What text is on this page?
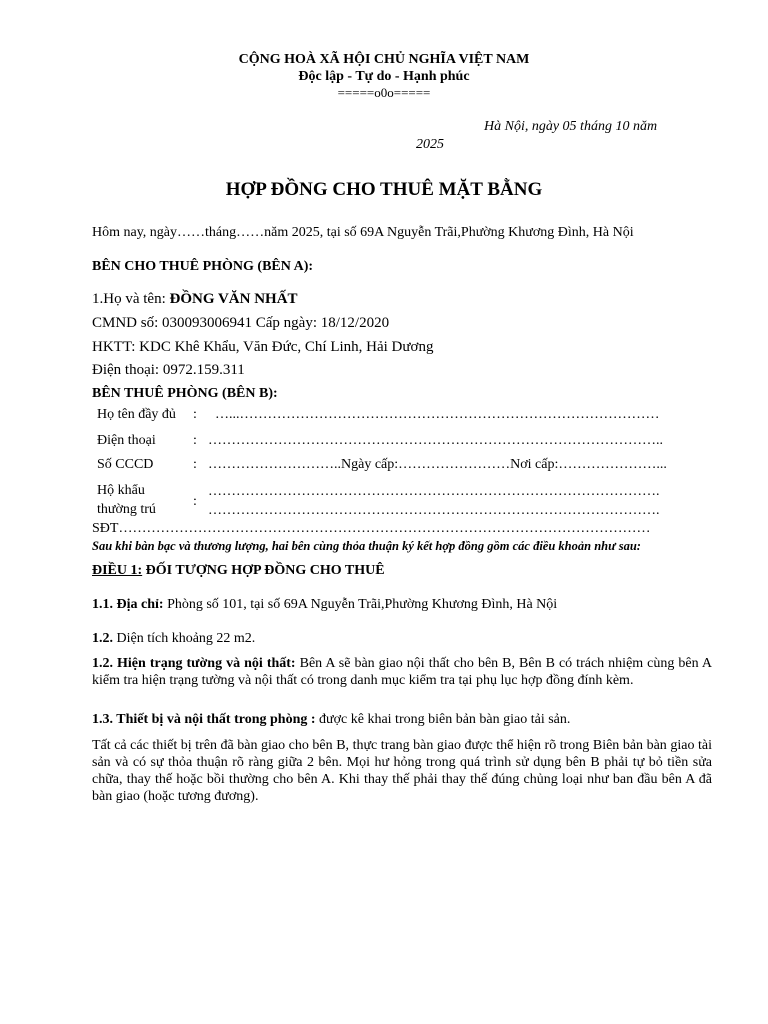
CỘNG HOÀ XÃ HỘI CHỦ NGHĨA VIỆT NAM
Độc lập - Tự do - Hạnh phúc
=====o0o=====
Hà Nội, ngày 05 tháng 10 năm
2025
HỢP ĐỒNG CHO THUÊ MẶT BẰNG
Hôm nay, ngày……tháng……năm 2025, tại số 69A Nguyễn Trãi,Phường Khương Đình, Hà Nội
BÊN CHO THUÊ PHÒNG (BÊN A):
1.Họ và tên: ĐỒNG VĂN NHẤT
CMND số: 030093006941 Cấp ngày: 18/12/2020
HKTT: KDC Khê Khẩu, Văn Đức, Chí Linh, Hải Dương
Điện thoại: 0972.159.311
BÊN THUÊ PHÒNG (BÊN B):
Họ tên đầy đủ : …...………………………………………………………………………………
Điện thoại	: ……………………………………………………………………………………..
Số CCCD	: ………………………..Ngày cấp:……………………Nơi cấp:…………………...
Hộ khẩu
thường trú
:
…………………………………………………………………………………….
…………………………………………………………………………………….
SĐT……………………………………………………………………………………………………
Sau khi bàn bạc và thương lượng, hai bên cùng thỏa thuận ký kết hợp đồng gồm các điều khoản như sau:
ĐIỀU 1: ĐỐI TƯỢNG HỢP ĐỒNG CHO THUÊ
1.1. Địa chỉ: Phòng số 101, tại số 69A Nguyễn Trãi,Phường Khương Đình, Hà Nội
1.2. Diện tích khoảng 22 m2.
1.2. Hiện trạng tường và nội thất: Bên A sẽ bàn giao nội thất cho bên B, Bên B có trách nhiệm cùng bên A kiểm tra hiện trạng tường và nội thất có trong danh mục kiểm tra tại phụ lục hợp đồng đính kèm.
1.3. Thiết bị và nội thất trong phòng : được kê khai trong biên bản bàn giao tải sản.
Tất cả các thiết bị trên đã bàn giao cho bên B, thực trang bàn giao được thể hiện rõ trong Biên bản bàn giao tài sản và có sự thỏa thuận rõ ràng giữa 2 bên. Mọi hư hỏng trong quá trình sử dụng bên B phải tự bỏ tiền sửa chữa, thay thế hoặc bồi thường cho bên A. Khi thay thế phải thay thế đúng chủng loại như ban đầu bên A đã bàn giao (hoặc tương đương).
